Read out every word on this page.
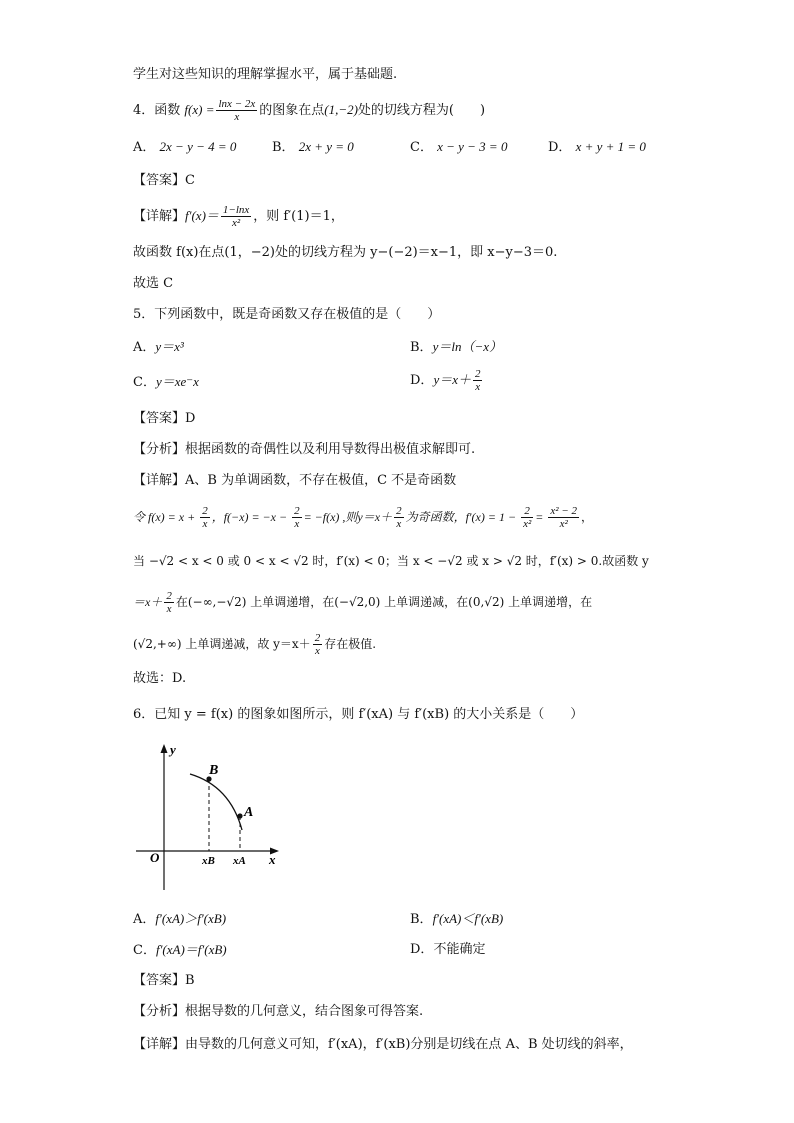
学生对这些知识的理解掌握水平，属于基础题.
4．函数 $f(x) = \frac{\ln x - 2x}{x}$ 的图象在点(1,−2)处的切线方程为(　　)
A． 2x − y − 4 = 0	B． 2x + y = 0	C． x − y − 3 = 0	D． x + y + 1 = 0
【答案】C
【详解】$f'(x)= \frac{1-\ln x}{\text{x²}}$ ，则 f′(1)＝1，
故函数 f(x)在点(1，−2)处的切线方程为 y−(−2)＝x−1，即 x−y−3＝0.
故选 C
5．下列函数中，既是奇函数又存在极值的是（　　）
A．y＝x³	B．y＝ln（−x）
C．y＝xe⁻x	D．$y=x+ \frac{2}{x}$
【答案】D
【分析】根据函数的奇偶性以及利用导数得出极值求解即可.
【详解】A、B 为单调函数，不存在极值，C 不是奇函数
令 $f(x) = x + \frac{2}{x}$ ，$f(-x) = -x - \frac{2}{x} = -f(x)$ ,则$y=x+ \frac{2}{x}$ 为奇函数，$f'(x) = 1 - \frac{2}{\text{x²}} = \frac{\text{x² − 2}}{\text{x²}}$ ，
当 −√2 < x < 0 或 0 < x < √2 时，f′(x) < 0；当 x < −√2 或 x > √2 时，f′(x) > 0.故函数 y
$=x+ \frac{2}{x}$ 在(−∞,−√2) 上单调递增，在(−√2,0) 上单调递减，在(0,√2) 上单调递增，在
(√2,+∞) 上单调递减，故 $y=x+ \frac{2}{x}$ 存在极值.
故选：D.
6．已知 y = f(x) 的图象如图所示，则 f′(xA) 与 f′(xB) 的大小关系是（　　）
y
x
O
B
A
xB xA
A．f′(xA)＞f′(xB)	B．f′(xA)＜f′(xB)
C．f′(xA)＝f′(xB)	D．不能确定
【答案】B
【分析】根据导数的几何意义，结合图象可得答案.
【详解】由导数的几何意义可知，f′(xA)，f′(xB)分别是切线在点 A、B 处切线的斜率，
